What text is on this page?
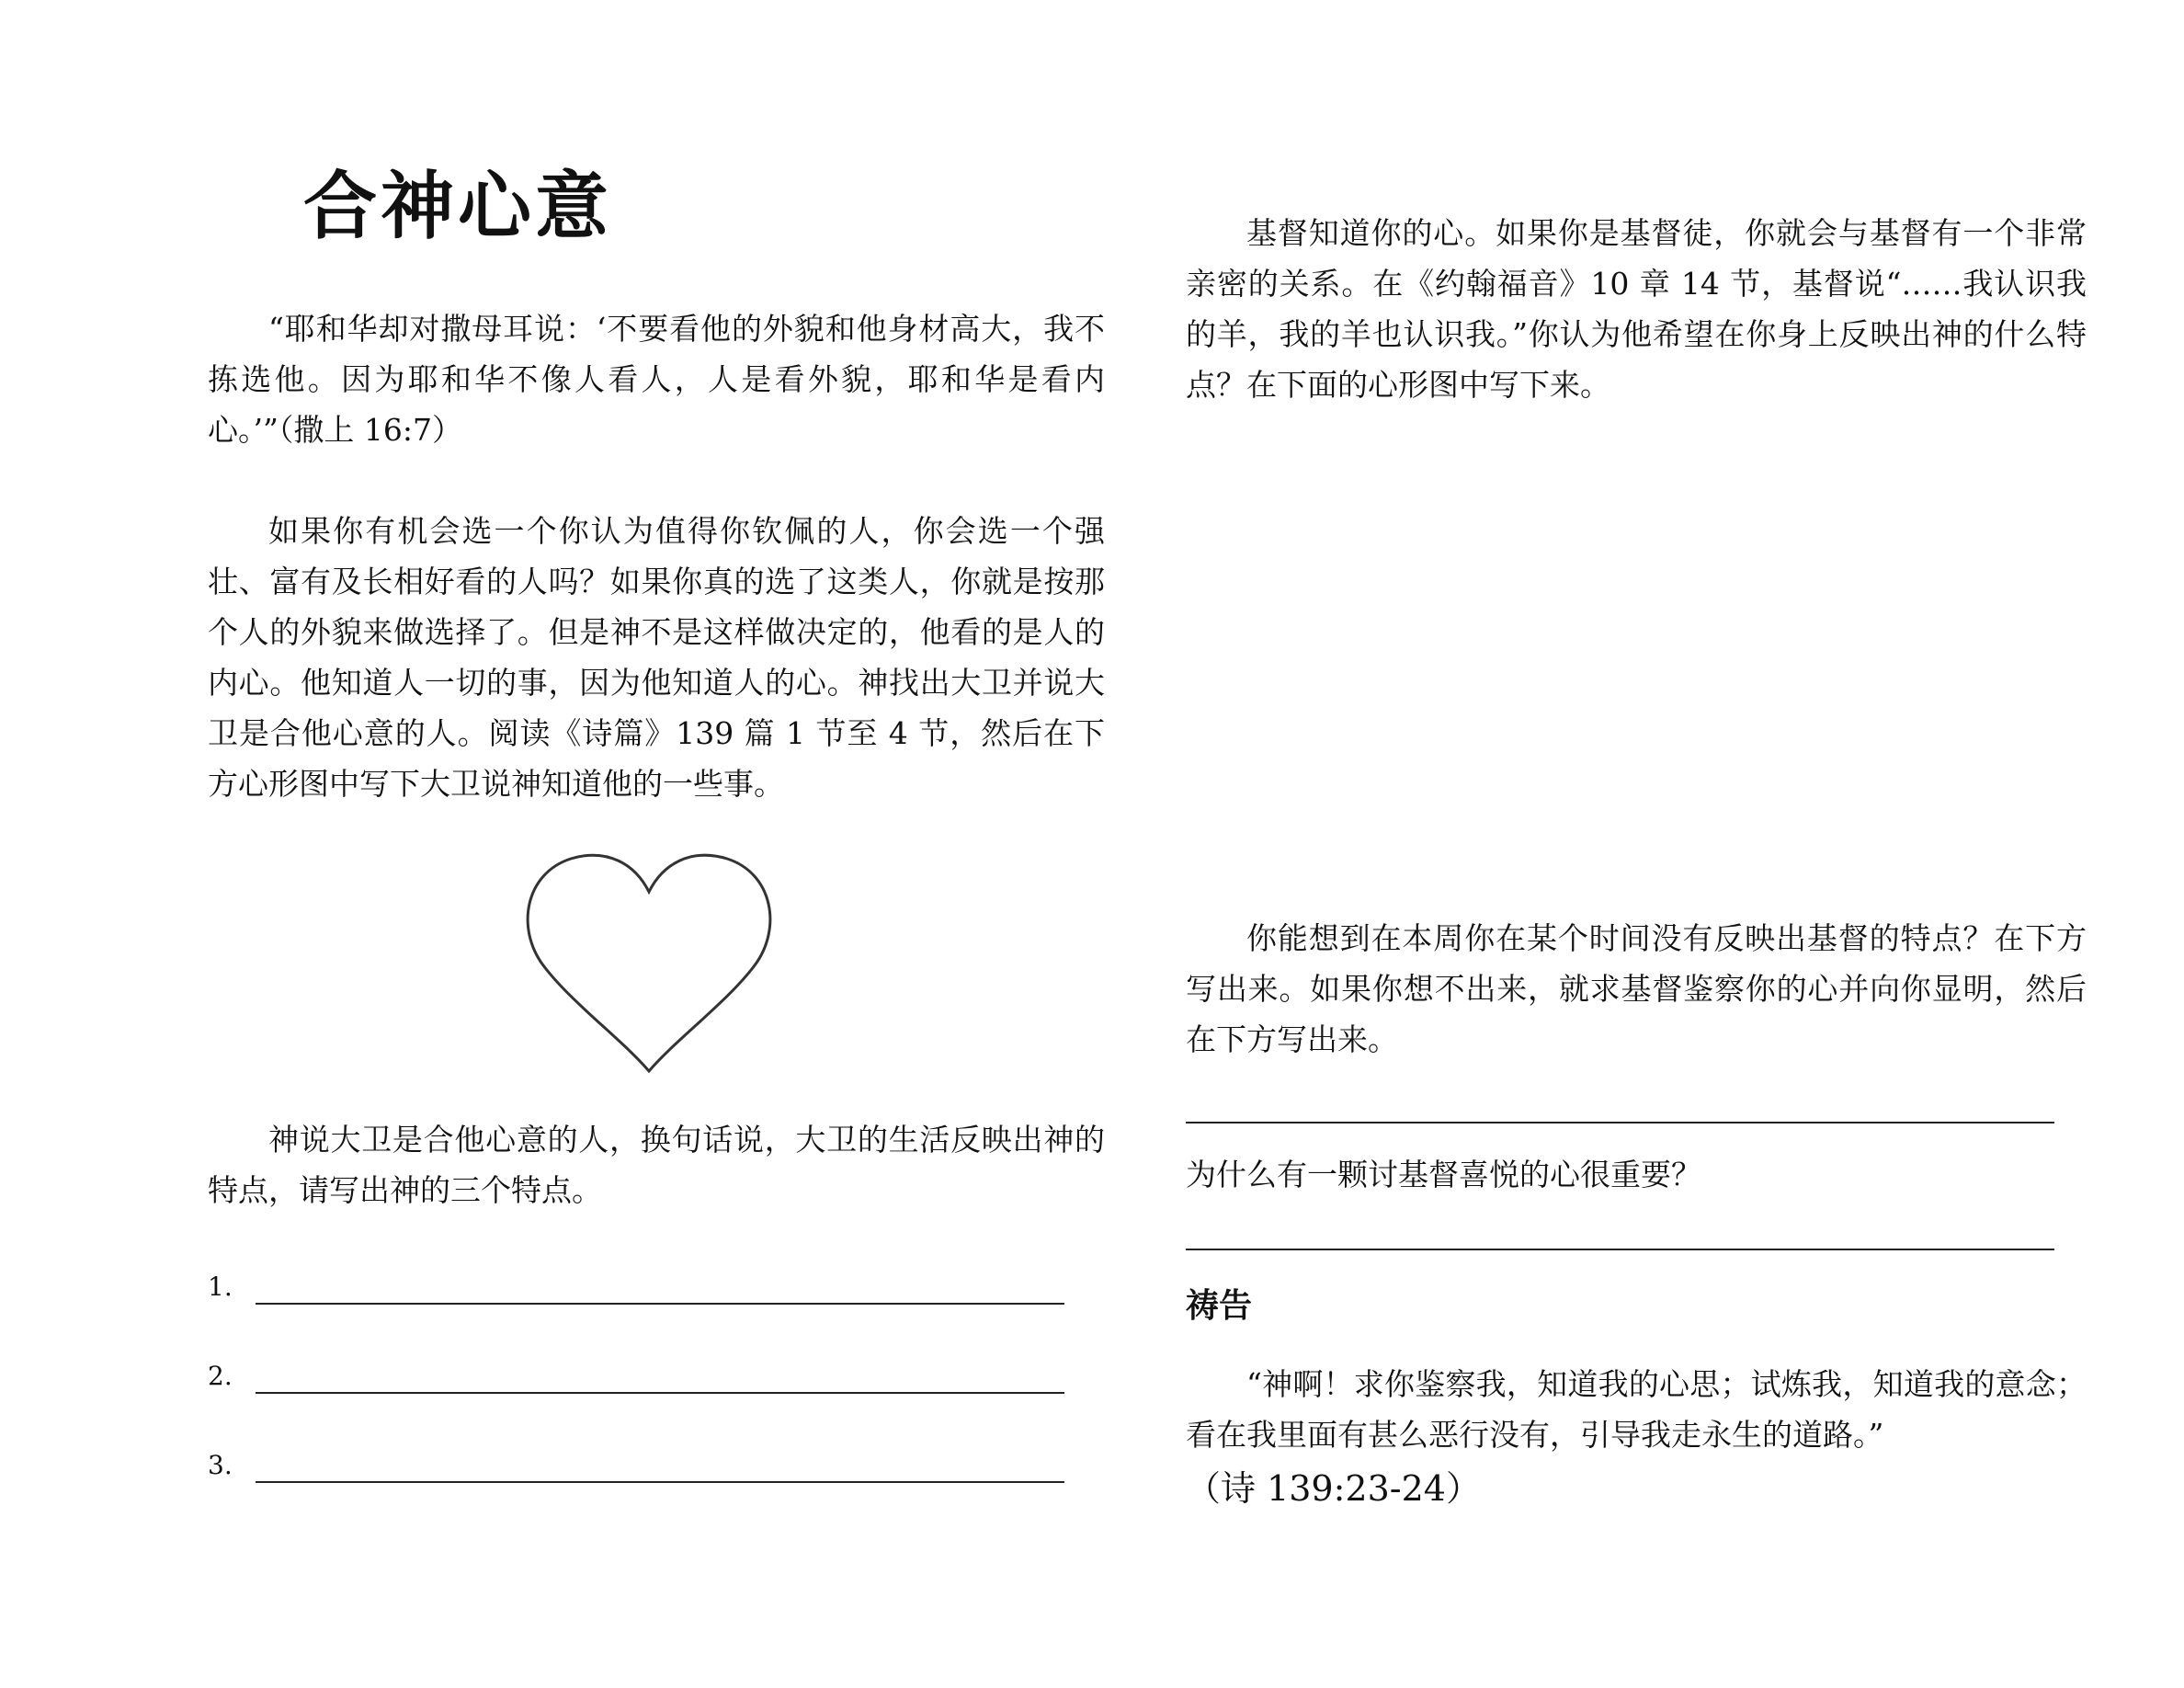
合神心意

“耶和华却对撒母耳说：‘不要看他的外貌和他身材高大，我不拣选他。因为耶和华不像人看人，人是看外貌，耶和华是看内心。’”（撒上 16:7）

如果你有机会选一个你认为值得你钦佩的人，你会选一个强壮、富有及长相好看的人吗？如果你真的选了这类人，你就是按那个人的外貌来做选择了。但是神不是这样做决定的，他看的是人的内心。他知道人一切的事，因为他知道人的心。神找出大卫并说大卫是合他心意的人。阅读《诗篇》139 篇 1 节至 4 节，然后在下方心形图中写下大卫说神知道他的一些事。

神说大卫是合他心意的人，换句话说，大卫的生活反映出神的特点，请写出神的三个特点。

1.
2.
3.

基督知道你的心。如果你是基督徒，你就会与基督有一个非常亲密的关系。在《约翰福音》10 章 14 节，基督说“……我认识我的羊，我的羊也认识我。”你认为他希望在你身上反映出神的什么特点？在下面的心形图中写下来。

你能想到在本周你在某个时间没有反映出基督的特点？在下方写出来。如果你想不出来，就求基督鉴察你的心并向你显明，然后在下方写出来。

为什么有一颗讨基督喜悦的心很重要？

祷告

“神啊！求你鉴察我，知道我的心思；试炼我，知道我的意念；看在我里面有甚么恶行没有，引导我走永生的道路。”

（诗 139:23-24）
